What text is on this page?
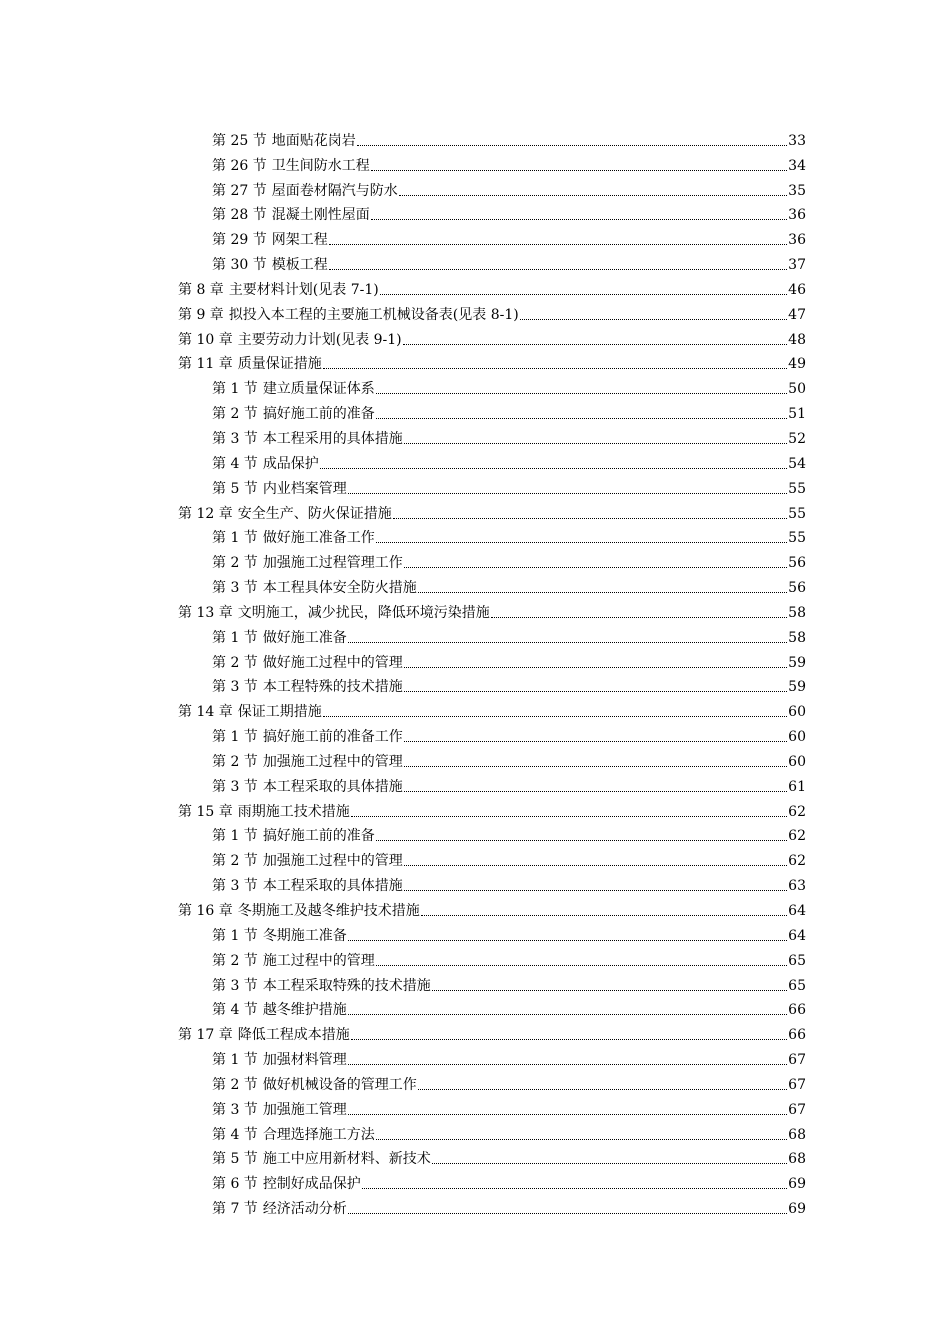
第 25 节 地面贴花岗岩	33
第 26 节 卫生间防水工程	34
第 27 节 屋面卷材隔汽与防水	35
第 28 节 混凝土刚性屋面	36
第 29 节 网架工程	36
第 30 节 模板工程	37
第 8 章 主要材料计划(见表 7-1)	46
第 9 章 拟投入本工程的主要施工机械设备表(见表 8-1)	47
第 10 章 主要劳动力计划(见表 9-1)	48
第 11 章 质量保证措施	49
第 1 节 建立质量保证体系	50
第 2 节 搞好施工前的准备	51
第 3 节 本工程采用的具体措施	52
第 4 节 成品保护	54
第 5 节 内业档案管理	55
第 12 章 安全生产、防火保证措施	55
第 1 节 做好施工准备工作	55
第 2 节 加强施工过程管理工作	56
第 3 节 本工程具体安全防火措施	56
第 13 章 文明施工，减少扰民，降低环境污染措施	58
第 1 节 做好施工准备	58
第 2 节 做好施工过程中的管理	59
第 3 节 本工程特殊的技术措施	59
第 14 章 保证工期措施	60
第 1 节 搞好施工前的准备工作	60
第 2 节 加强施工过程中的管理	60
第 3 节 本工程采取的具体措施	61
第 15 章 雨期施工技术措施	62
第 1 节 搞好施工前的准备	62
第 2 节 加强施工过程中的管理	62
第 3 节 本工程采取的具体措施	63
第 16 章 冬期施工及越冬维护技术措施	64
第 1 节 冬期施工准备	64
第 2 节 施工过程中的管理	65
第 3 节 本工程采取特殊的技术措施	65
第 4 节 越冬维护措施	66
第 17 章 降低工程成本措施	66
第 1 节 加强材料管理	67
第 2 节 做好机械设备的管理工作	67
第 3 节 加强施工管理	67
第 4 节 合理选择施工方法	68
第 5 节 施工中应用新材料、新技术	68
第 6 节 控制好成品保护	69
第 7 节 经济活动分析	69
